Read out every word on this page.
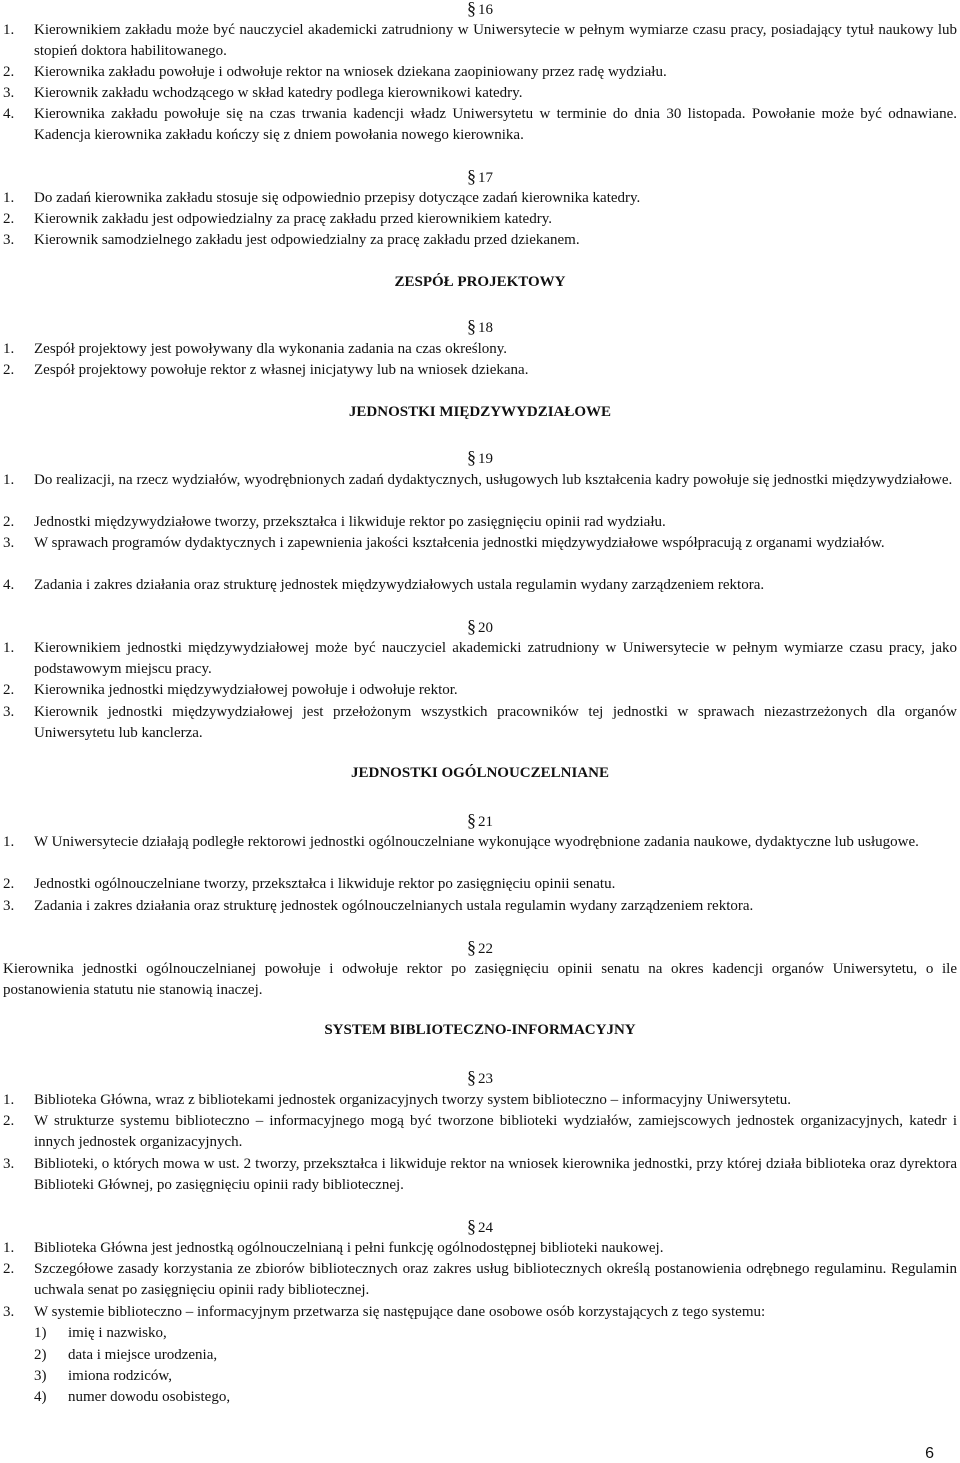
§ 16
1. Kierownikiem zakładu może być nauczyciel akademicki zatrudniony w Uniwersytecie w pełnym wymiarze czasu pracy, posiadający tytuł naukowy lub stopień doktora habilitowanego.
2. Kierownika zakładu powołuje i odwołuje rektor na wniosek dziekana zaopiniowany przez radę wydziału.
3. Kierownik zakładu wchodzącego w skład katedry podlega kierownikowi katedry.
4. Kierownika zakładu powołuje się na czas trwania kadencji władz Uniwersytetu w terminie do dnia 30 listopada. Powołanie może być odnawiane. Kadencja kierownika zakładu kończy się z dniem powołania nowego kierownika.
§ 17
1. Do zadań kierownika zakładu stosuje się odpowiednio przepisy dotyczące zadań kierownika katedry.
2. Kierownik zakładu jest odpowiedzialny za pracę zakładu przed kierownikiem katedry.
3. Kierownik samodzielnego zakładu jest odpowiedzialny za pracę zakładu przed dziekanem.
ZESPÓŁ PROJEKTOWY
§ 18
1. Zespół projektowy jest powoływany dla wykonania zadania na czas określony.
2. Zespół projektowy powołuje rektor z własnej inicjatywy lub na wniosek dziekana.
JEDNOSTKI MIĘDZYWYDZIAŁOWE
§ 19
1. Do realizacji, na rzecz wydziałów, wyodrębnionych zadań dydaktycznych, usługowych lub kształcenia kadry powołuje się jednostki międzywydziałowe.
2. Jednostki międzywydziałowe tworzy, przekształca i likwiduje rektor po zasięgnięciu opinii rad wydziału.
3. W sprawach programów dydaktycznych i zapewnienia jakości kształcenia jednostki międzywydziałowe współpracują z organami wydziałów.
4. Zadania i zakres działania oraz strukturę jednostek międzywydziałowych ustala regulamin wydany zarządzeniem rektora.
§ 20
1. Kierownikiem jednostki międzywydziałowej może być nauczyciel akademicki zatrudniony w Uniwersytecie w pełnym wymiarze czasu pracy, jako podstawowym miejscu pracy.
2. Kierownika jednostki międzywydziałowej powołuje i odwołuje rektor.
3. Kierownik jednostki międzywydziałowej jest przełożonym wszystkich pracowników tej jednostki w sprawach niezastrzeżonych dla organów Uniwersytetu lub kanclerza.
JEDNOSTKI OGÓLNOUCZELNIANE
§ 21
1. W Uniwersytecie działają podległe rektorowi jednostki ogólnouczelniane wykonujące wyodrębnione zadania naukowe, dydaktyczne lub usługowe.
2. Jednostki ogólnouczelniane tworzy, przekształca i likwiduje rektor po zasięgnięciu opinii senatu.
3. Zadania i zakres działania oraz strukturę jednostek ogólnouczelnianych ustala regulamin wydany zarządzeniem rektora.
§ 22
Kierownika jednostki ogólnouczelnianej powołuje i odwołuje rektor po zasięgnięciu opinii senatu na okres kadencji organów Uniwersytetu, o ile postanowienia statutu nie stanowią inaczej.
SYSTEM BIBLIOTECZNO-INFORMACYJNY
§ 23
1. Biblioteka Główna, wraz z bibliotekami jednostek organizacyjnych tworzy system biblioteczno – informacyjny Uniwersytetu.
2. W strukturze systemu biblioteczno – informacyjnego mogą być tworzone biblioteki wydziałów, zamiejscowych jednostek organizacyjnych, katedr i innych jednostek organizacyjnych.
3. Biblioteki, o których mowa w ust. 2 tworzy, przekształca i likwiduje rektor na wniosek kierownika jednostki, przy której działa biblioteka oraz dyrektora Biblioteki Głównej, po zasięgnięciu opinii rady bibliotecznej.
§ 24
1. Biblioteka Główna jest jednostką ogólnouczelnianą i pełni funkcję ogólnodostępnej biblioteki naukowej.
2. Szczegółowe zasady korzystania ze zbiorów bibliotecznych oraz zakres usług bibliotecznych określą postanowienia odrębnego regulaminu. Regulamin uchwala senat po zasięgnięciu opinii rady bibliotecznej.
3. W systemie biblioteczno – informacyjnym przetwarza się następujące dane osobowe osób korzystających z tego systemu:
1) imię i nazwisko,
2) data i miejsce urodzenia,
3) imiona rodziców,
4) numer dowodu osobistego,
6
